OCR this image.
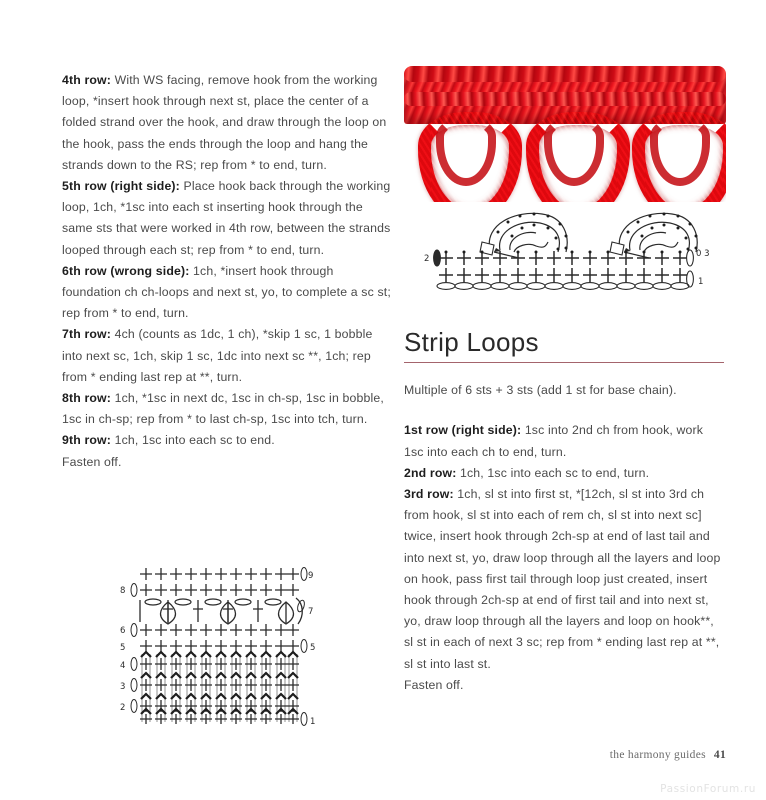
4th row: With WS facing, remove hook from the working loop, *insert hook through next st, place the center of a folded strand over the hook, and draw through the loop on the hook, pass the ends through the loop and hang the strands down to the RS; rep from * to end, turn.

5th row (right side): Place hook back through the working loop, 1ch, *1sc into each st inserting hook through the same sts that were worked in 4th row, between the strands looped through each st; rep from * to end, turn.

6th row (wrong side): 1ch, *insert hook through foundation ch ch-loops and next st, yo, to complete a sc st; rep from * to end, turn.

7th row: 4ch (counts as 1dc, 1 ch), *skip 1 sc, 1 bobble into next sc, 1ch, skip 1 sc, 1dc into next sc **, 1ch; rep from * ending last rep at **, turn.

8th row: 1ch, *1sc in next dc, 1sc in ch-sp, 1sc in bobble, 1sc in ch-sp; rep from * to last ch-sp, 1sc into tch, turn.

9th row: 1ch, 1sc into each sc to end.

Fasten off.

2	0 3
1
Strip Loops

Multiple of 6 sts + 3 sts (add 1 st for base chain).

1st row (right side): 1sc into 2nd ch from hook, work 1sc into each ch to end, turn.

2nd row: 1ch, 1sc into each sc to end, turn.

3rd row: 1ch, sl st into first st, *[12ch, sl st into 3rd ch from hook, sl st into each of rem ch, sl st into next sc] twice, insert hook through 2ch-sp at end of last tail and into next st, yo, draw loop through all the layers and loop on hook, pass first tail through loop just created, insert hook through 2ch-sp at end of first tail and into next st, yo, draw loop through all the layers and loop on hook**, sl st in each of next 3 sc; rep from * ending last rep at **, sl st into last st.

Fasten off.

9
7
5
1
8
6
5
4
3
2
the harmony guides 41
PassionForum.ru
